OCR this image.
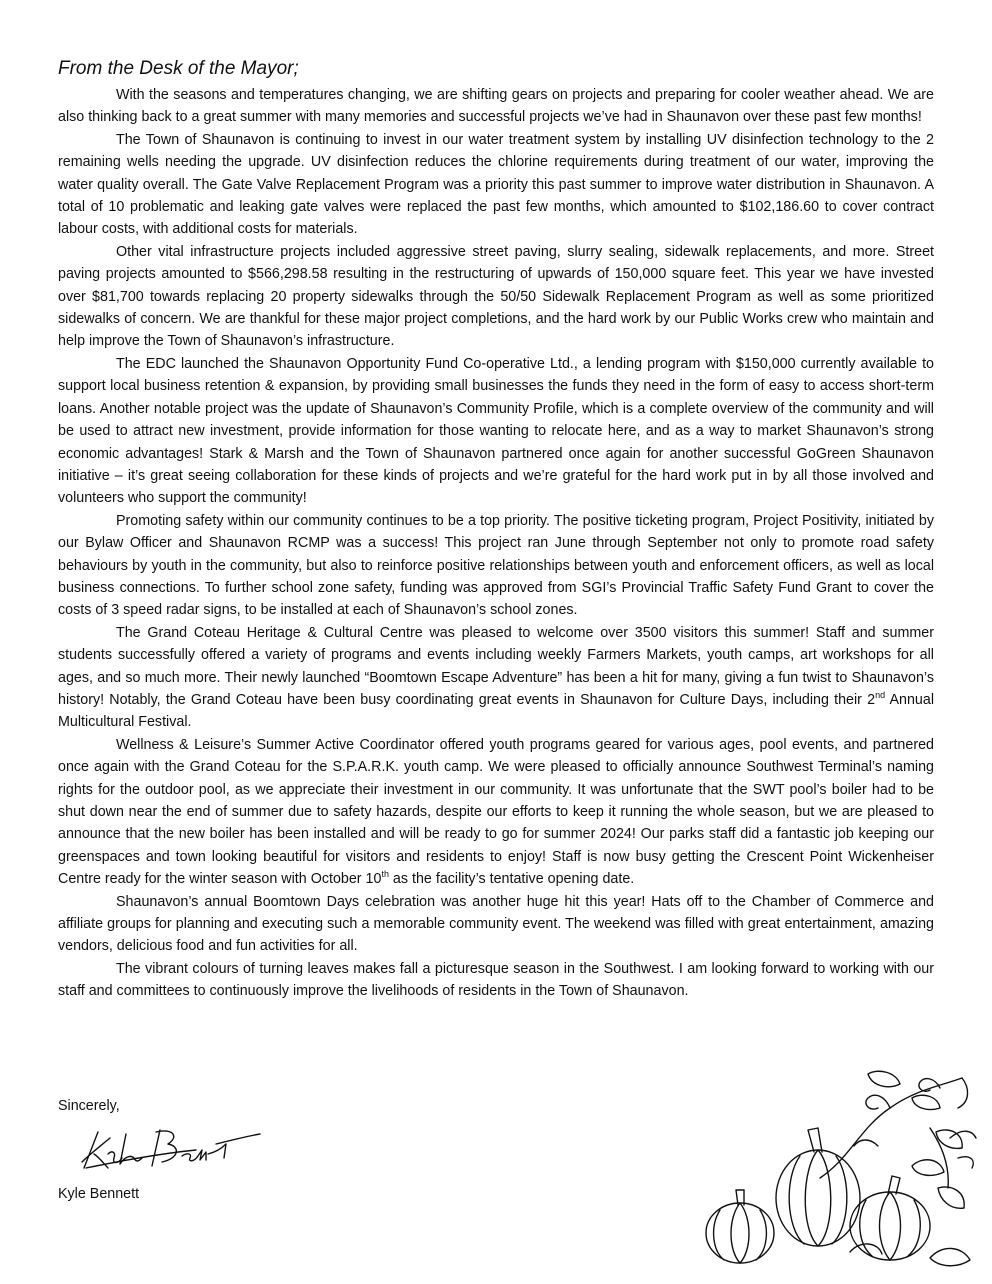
From the Desk of the Mayor;

With the seasons and temperatures changing, we are shifting gears on projects and preparing for cooler weather ahead. We are also thinking back to a great summer with many memories and successful projects we’ve had in Shaunavon over these past few months!

The Town of Shaunavon is continuing to invest in our water treatment system by installing UV disinfection technology to the 2 remaining wells needing the upgrade. UV disinfection reduces the chlorine requirements during treatment of our water, improving the water quality overall. The Gate Valve Replacement Program was a priority this past summer to improve water distribution in Shaunavon. A total of 10 problematic and leaking gate valves were replaced the past few months, which amounted to $102,186.60 to cover contract labour costs, with additional costs for materials.

Other vital infrastructure projects included aggressive street paving, slurry sealing, sidewalk replacements, and more. Street paving projects amounted to $566,298.58 resulting in the restructuring of upwards of 150,000 square feet. This year we have invested over $81,700 towards replacing 20 property sidewalks through the 50/50 Sidewalk Replacement Program as well as some prioritized sidewalks of concern. We are thankful for these major project completions, and the hard work by our Public Works crew who maintain and help improve the Town of Shaunavon’s infrastructure.

The EDC launched the Shaunavon Opportunity Fund Co-operative Ltd., a lending program with $150,000 currently available to support local business retention & expansion, by providing small businesses the funds they need in the form of easy to access short-term loans. Another notable project was the update of Shaunavon’s Community Profile, which is a complete overview of the community and will be used to attract new investment, provide information for those wanting to relocate here, and as a way to market Shaunavon’s strong economic advantages! Stark & Marsh and the Town of Shaunavon partnered once again for another successful GoGreen Shaunavon initiative – it’s great seeing collaboration for these kinds of projects and we’re grateful for the hard work put in by all those involved and volunteers who support the community!

Promoting safety within our community continues to be a top priority. The positive ticketing program, Project Positivity, initiated by our Bylaw Officer and Shaunavon RCMP was a success! This project ran June through September not only to promote road safety behaviours by youth in the community, but also to reinforce positive relationships between youth and enforcement officers, as well as local business connections. To further school zone safety, funding was approved from SGI’s Provincial Traffic Safety Fund Grant to cover the costs of 3 speed radar signs, to be installed at each of Shaunavon’s school zones.

The Grand Coteau Heritage & Cultural Centre was pleased to welcome over 3500 visitors this summer! Staff and summer students successfully offered a variety of programs and events including weekly Farmers Markets, youth camps, art workshops for all ages, and so much more. Their newly launched “Boomtown Escape Adventure” has been a hit for many, giving a fun twist to Shaunavon’s history! Notably, the Grand Coteau have been busy coordinating great events in Shaunavon for Culture Days, including their 2nd Annual Multicultural Festival.

Wellness & Leisure’s Summer Active Coordinator offered youth programs geared for various ages, pool events, and partnered once again with the Grand Coteau for the S.P.A.R.K. youth camp. We were pleased to officially announce Southwest Terminal’s naming rights for the outdoor pool, as we appreciate their investment in our community. It was unfortunate that the SWT pool’s boiler had to be shut down near the end of summer due to safety hazards, despite our efforts to keep it running the whole season, but we are pleased to announce that the new boiler has been installed and will be ready to go for summer 2024! Our parks staff did a fantastic job keeping our greenspaces and town looking beautiful for visitors and residents to enjoy! Staff is now busy getting the Crescent Point Wickenheiser Centre ready for the winter season with October 10th as the facility’s tentative opening date.

Shaunavon’s annual Boomtown Days celebration was another huge hit this year! Hats off to the Chamber of Commerce and affiliate groups for planning and executing such a memorable community event. The weekend was filled with great entertainment, amazing vendors, delicious food and fun activities for all.

The vibrant colours of turning leaves makes fall a picturesque season in the Southwest. I am looking forward to working with our staff and committees to continuously improve the livelihoods of residents in the Town of Shaunavon.

Sincerely,
Kyle Bennett
